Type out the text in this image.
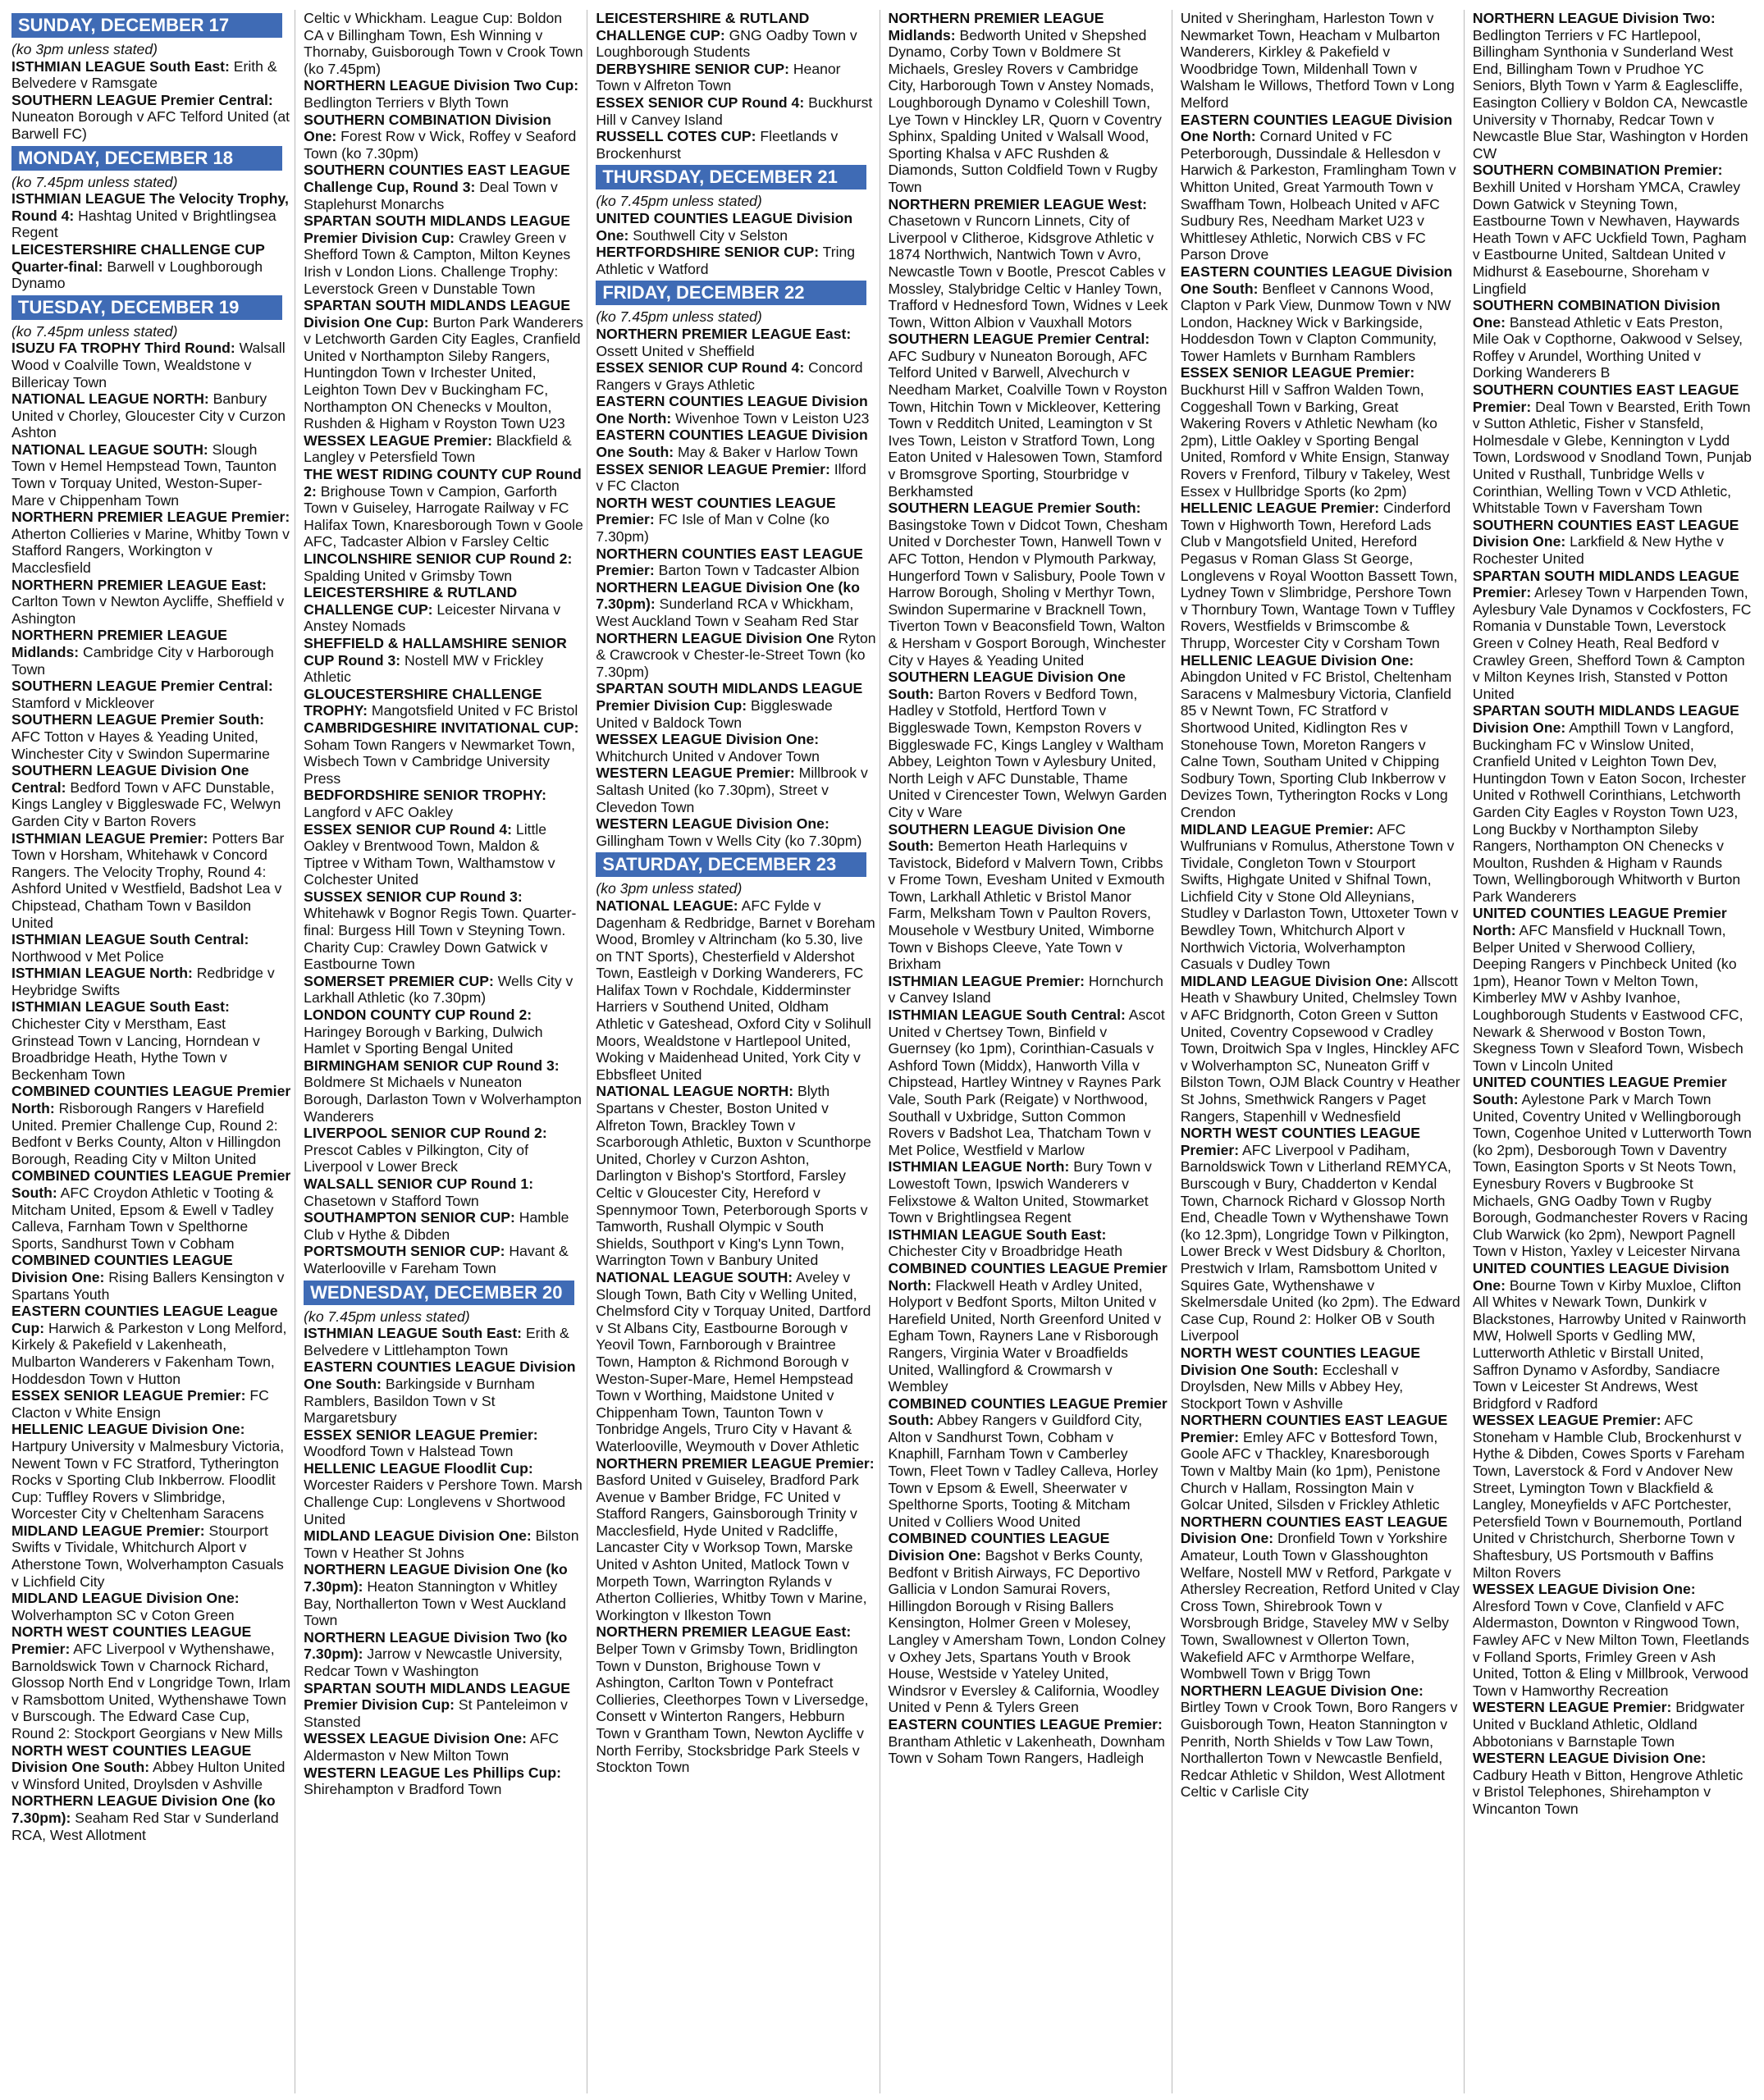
SUNDAY, DECEMBER 17
(ko 3pm unless stated)
ISTHMIAN LEAGUE South East: Erith & Belvedere v Ramsgate
SOUTHERN LEAGUE Premier Central: Nuneaton Borough v AFC Telford United (at Barwell FC)
MONDAY, DECEMBER 18
(ko 7.45pm unless stated)
ISTHMIAN LEAGUE The Velocity Trophy, Round 4: Hashtag United v Brightlingsea Regent
LEICESTERSHIRE CHALLENGE CUP Quarter-final: Barwell v Loughborough Dynamo
TUESDAY, DECEMBER 19
(ko 7.45pm unless stated)
ISUZU FA TROPHY Third Round: Walsall Wood v Coalville Town, Wealdstone v Billericay Town
NATIONAL LEAGUE NORTH: Banbury United v Chorley, Gloucester City v Curzon Ashton
NATIONAL LEAGUE SOUTH: Slough Town v Hemel Hempstead Town, Taunton Town v Torquay United, Weston-Super-Mare v Chippenham Town
NORTHERN PREMIER LEAGUE Premier: Atherton Collieries v Marine, Whitby Town v Stafford Rangers, Workington v Macclesfield
NORTHERN PREMIER LEAGUE East: Carlton Town v Newton Aycliffe, Sheffield v Ashington
NORTHERN PREMIER LEAGUE Midlands: Cambridge City v Harborough Town
SOUTHERN LEAGUE Premier Central: Stamford v Mickleover
SOUTHERN LEAGUE Premier South: AFC Totton v Hayes & Yeading United, Winchester City v Swindon Supermarine
SOUTHERN LEAGUE Division One Central: Bedford Town v AFC Dunstable, Kings Langley v Biggleswade FC, Welwyn Garden City v Barton Rovers
ISTHMIAN LEAGUE Premier: Potters Bar Town v Horsham, Whitehawk v Concord Rangers. The Velocity Trophy, Round 4: Ashford United v Westfield, Badshot Lea v Chipstead, Chatham Town v Basildon United
ISTHMIAN LEAGUE South Central: Northwood v Met Police
ISTHMIAN LEAGUE North: Redbridge v Heybridge Swifts
ISTHMIAN LEAGUE South East: Chichester City v Merstham, East Grinstead Town v Lancing, Horndean v Broadbridge Heath, Hythe Town v Beckenham Town
COMBINED COUNTIES LEAGUE Premier North: Risborough Rangers v Harefield United. Premier Challenge Cup, Round 2: Bedfont v Berks County, Alton v Hillingdon Borough, Reading City v Milton United
COMBINED COUNTIES LEAGUE Premier South: AFC Croydon Athletic v Tooting & Mitcham United, Epsom & Ewell v Tadley Calleva, Farnham Town v Spelthorne Sports, Sandhurst Town v Cobham
COMBINED COUNTIES LEAGUE Division One: Rising Ballers Kensington v Spartans Youth
EASTERN COUNTIES LEAGUE League Cup: Harwich & Parkeston v Long Melford, Kirkely & Pakefield v Lakenheath, Mulbarton Wanderers v Fakenham Town, Hoddesdon Town v Hutton
ESSEX SENIOR LEAGUE Premier: FC Clacton v White Ensign
HELLENIC LEAGUE Division One: Hartpury University v Malmesbury Victoria, Newent Town v FC Stratford, Tytherington Rocks v Sporting Club Inkberrow. Floodlit Cup: Tuffley Rovers v Slimbridge, Worcester City v Cheltenham Saracens
MIDLAND LEAGUE Premier: Stourport Swifts v Tividale, Whitchurch Alport v Atherstone Town, Wolverhampton Casuals v Lichfield City
MIDLAND LEAGUE Division One: Wolverhampton SC v Coton Green
NORTH WEST COUNTIES LEAGUE Premier: AFC Liverpool v Wythenshawe, Barnoldswick Town v Charnock Richard, Glossop North End v Longridge Town, Irlam v Ramsbottom United, Wythenshawe Town v Burscough. The Edward Case Cup, Round 2: Stockport Georgians v New Mills
NORTH WEST COUNTIES LEAGUE Division One South: Abbey Hulton United v Winsford United, Droylsden v Ashville
NORTHERN LEAGUE Division One (ko 7.30pm): Seaham Red Star v Sunderland RCA, West Allotment
Celtic v Whickham. League Cup: Boldon CA v Billingham Town, Esh Winning v Thornaby, Guisborough Town v Crook Town (ko 7.45pm)
NORTHERN LEAGUE Division Two Cup: Bedlington Terriers v Blyth Town
SOUTHERN COMBINATION Division One: Forest Row v Wick, Roffey v Seaford Town (ko 7.30pm)
SOUTHERN COUNTIES EAST LEAGUE Challenge Cup, Round 3: Deal Town v Staplehurst Monarchs
SPARTAN SOUTH MIDLANDS LEAGUE Premier Division Cup: Crawley Green v Shefford Town & Campton, Milton Keynes Irish v London Lions. Challenge Trophy: Leverstock Green v Dunstable Town
SPARTAN SOUTH MIDLANDS LEAGUE Division One Cup: Burton Park Wanderers v Letchworth Garden City Eagles, Cranfield United v Northampton Sileby Rangers, Huntingdon Town v Irchester United, Leighton Town Dev v Buckingham FC, Northampton ON Chenecks v Moulton, Rushden & Higham v Royston Town U23
WESSEX LEAGUE Premier: Blackfield & Langley v Petersfield Town
THE WEST RIDING COUNTY CUP Round 2: Brighouse Town v Campion, Garforth Town v Guiseley, Harrogate Railway v FC Halifax Town, Knaresborough Town v Goole AFC, Tadcaster Albion v Farsley Celtic
LINCOLNSHIRE SENIOR CUP Round 2: Spalding United v Grimsby Town
LEICESTERSHIRE & RUTLAND CHALLENGE CUP: Leicester Nirvana v Anstey Nomads
SHEFFIELD & HALLAMSHIRE SENIOR CUP Round 3: Nostell MW v Frickley Athletic
GLOUCESTERSHIRE CHALLENGE TROPHY: Mangotsfield United v FC Bristol
CAMBRIDGESHIRE INVITATIONAL CUP: Soham Town Rangers v Newmarket Town, Wisbech Town v Cambridge University Press
BEDFORDSHIRE SENIOR TROPHY: Langford v AFC Oakley
ESSEX SENIOR CUP Round 4: Little Oakley v Brentwood Town, Maldon & Tiptree v Witham Town, Walthamstow v Colchester United
SUSSEX SENIOR CUP Round 3: Whitehawk v Bognor Regis Town. Quarter-final: Burgess Hill Town v Steyning Town. Charity Cup: Crawley Down Gatwick v Eastbourne Town
SOMERSET PREMIER CUP: Wells City v Larkhall Athletic (ko 7.30pm)
LONDON COUNTY CUP Round 2: Haringey Borough v Barking, Dulwich Hamlet v Sporting Bengal United
BIRMINGHAM SENIOR CUP Round 3: Boldmere St Michaels v Nuneaton Borough, Darlaston Town v Wolverhampton Wanderers
LIVERPOOL SENIOR CUP Round 2: Prescot Cables v Pilkington, City of Liverpool v Lower Breck
WALSALL SENIOR CUP Round 1: Chasetown v Stafford Town
SOUTHAMPTON SENIOR CUP: Hamble Club v Hythe & Dibden
PORTSMOUTH SENIOR CUP: Havant & Waterlooville v Fareham Town
WEDNESDAY, DECEMBER 20
(ko 7.45pm unless stated)
ISTHMIAN LEAGUE South East: Erith & Belvedere v Littlehampton Town
EASTERN COUNTIES LEAGUE Division One South: Barkingside v Burnham Ramblers, Basildon Town v St Margaretsbury
ESSEX SENIOR LEAGUE Premier: Woodford Town v Halstead Town
HELLENIC LEAGUE Floodlit Cup: Worcester Raiders v Pershore Town. Marsh Challenge Cup: Longlevens v Shortwood United
MIDLAND LEAGUE Division One: Bilston Town v Heather St Johns
NORTHERN LEAGUE Division One (ko 7.30pm): Heaton Stannington v Whitley Bay, Northallerton Town v West Auckland Town
NORTHERN LEAGUE Division Two (ko 7.30pm): Jarrow v Newcastle University, Redcar Town v Washington
SPARTAN SOUTH MIDLANDS LEAGUE Premier Division Cup: St Panteleimon v Stansted
WESSEX LEAGUE Division One: AFC Aldermaston v New Milton Town
WESTERN LEAGUE Les Phillips Cup: Shirehampton v Bradford Town
LEICESTERSHIRE & RUTLAND CHALLENGE CUP: GNG Oadby Town v Loughborough Students
DERBYSHIRE SENIOR CUP: Heanor Town v Alfreton Town
ESSEX SENIOR CUP Round 4: Buckhurst Hill v Canvey Island
RUSSELL COTES CUP: Fleetlands v Brockenhurst
THURSDAY, DECEMBER 21
(ko 7.45pm unless stated)
UNITED COUNTIES LEAGUE Division One: Southwell City v Selston
HERTFORDSHIRE SENIOR CUP: Tring Athletic v Watford
FRIDAY, DECEMBER 22
(ko 7.45pm unless stated)
NORTHERN PREMIER LEAGUE East: Ossett United v Sheffield
ESSEX SENIOR CUP Round 4: Concord Rangers v Grays Athletic
EASTERN COUNTIES LEAGUE Division One North: Wivenhoe Town v Leiston U23
EASTERN COUNTIES LEAGUE Division One South: May & Baker v Harlow Town
ESSEX SENIOR LEAGUE Premier: Ilford v FC Clacton
NORTH WEST COUNTIES LEAGUE Premier: FC Isle of Man v Colne (ko 7.30pm)
NORTHERN COUNTIES EAST LEAGUE Premier: Barton Town v Tadcaster Albion
NORTHERN LEAGUE Division One (ko 7.30pm): Sunderland RCA v Whickham, West Auckland Town v Seaham Red Star
NORTHERN LEAGUE Division One Ryton & Crawcrook v Chester-le-Street Town (ko 7.30pm)
SPARTAN SOUTH MIDLANDS LEAGUE Premier Division Cup: Biggleswade United v Baldock Town
WESSEX LEAGUE Division One: Whitchurch United v Andover Town
WESTERN LEAGUE Premier: Millbrook v Saltash United (ko 7.30pm), Street v Clevedon Town
WESTERN LEAGUE Division One: Gillingham Town v Wells City (ko 7.30pm)
SATURDAY, DECEMBER 23
(ko 3pm unless stated)
NATIONAL LEAGUE: AFC Fylde v Dagenham & Redbridge, Barnet v Boreham Wood, Bromley v Altrincham (ko 5.30, live on TNT Sports), Chesterfield v Aldershot Town, Eastleigh v Dorking Wanderers, FC Halifax Town v Rochdale, Kidderminster Harriers v Southend United, Oldham Athletic v Gateshead, Oxford City v Solihull Moors, Wealdstone v Hartlepool United, Woking v Maidenhead United, York City v Ebbsfleet United
NATIONAL LEAGUE NORTH: Blyth Spartans v Chester, Boston United v Alfreton Town, Brackley Town v Scarborough Athletic, Buxton v Scunthorpe United, Chorley v Curzon Ashton, Darlington v Bishop's Stortford, Farsley Celtic v Gloucester City, Hereford v Spennymoor Town, Peterborough Sports v Tamworth, Rushall Olympic v South Shields, Southport v King's Lynn Town, Warrington Town v Banbury United
NATIONAL LEAGUE SOUTH: Aveley v Slough Town, Bath City v Welling United, Chelmsford City v Torquay United, Dartford v St Albans City, Eastbourne Borough v Yeovil Town, Farnborough v Braintree Town, Hampton & Richmond Borough v Weston-Super-Mare, Hemel Hempstead Town v Worthing, Maidstone United v Chippenham Town, Taunton Town v Tonbridge Angels, Truro City v Havant & Waterlooville, Weymouth v Dover Athletic
NORTHERN PREMIER LEAGUE Premier: Basford United v Guiseley, Bradford Park Avenue v Bamber Bridge, FC United v Stafford Rangers, Gainsborough Trinity v Macclesfield, Hyde United v Radcliffe, Lancaster City v Worksop Town, Marske United v Ashton United, Matlock Town v Morpeth Town, Warrington Rylands v Atherton Collieries, Whitby Town v Marine, Workington v Ilkeston Town
NORTHERN PREMIER LEAGUE East: Belper Town v Grimsby Town, Bridlington Town v Dunston, Brighouse Town v Ashington, Carlton Town v Pontefract Collieries, Cleethorpes Town v Liversedge, Consett v Winterton Rangers, Hebburn Town v Grantham Town, Newton Aycliffe v North Ferriby, Stocksbridge Park Steels v Stockton Town
NORTHERN PREMIER LEAGUE Midlands: Bedworth United v Shepshed Dynamo, Corby Town v Boldmere St Michaels, Gresley Rovers v Cambridge City, Harborough Town v Anstey Nomads, Loughborough Dynamo v Coleshill Town, Lye Town v Hinckley LR, Quorn v Coventry Sphinx, Spalding United v Walsall Wood, Sporting Khalsa v AFC Rushden & Diamonds, Sutton Coldfield Town v Rugby Town
NORTHERN PREMIER LEAGUE West: Chasetown v Runcorn Linnets, City of Liverpool v Clitheroe, Kidsgrove Athletic v 1874 Northwich, Nantwich Town v Avro, Newcastle Town v Bootle, Prescot Cables v Mossley, Stalybridge Celtic v Hanley Town, Trafford v Hednesford Town, Widnes v Leek Town, Witton Albion v Vauxhall Motors
SOUTHERN LEAGUE Premier Central: AFC Sudbury v Nuneaton Borough, AFC Telford United v Barwell, Alvechurch v Needham Market, Coalville Town v Royston Town, Hitchin Town v Mickleover, Kettering Town v Redditch United, Leamington v St Ives Town, Leiston v Stratford Town, Long Eaton United v Halesowen Town, Stamford v Bromsgrove Sporting, Stourbridge v Berkhamsted
SOUTHERN LEAGUE Premier South: Basingstoke Town v Didcot Town, Chesham United v Dorchester Town, Hanwell Town v AFC Totton, Hendon v Plymouth Parkway, Hungerford Town v Salisbury, Poole Town v Harrow Borough, Sholing v Merthyr Town, Swindon Supermarine v Bracknell Town, Tiverton Town v Beaconsfield Town, Walton & Hersham v Gosport Borough, Winchester City v Hayes & Yeading United
SOUTHERN LEAGUE Division One South: Barton Rovers v Bedford Town, Hadley v Stotfold, Hertford Town v Biggleswade Town, Kempston Rovers v Biggleswade FC, Kings Langley v Waltham Abbey, Leighton Town v Aylesbury United, North Leigh v AFC Dunstable, Thame United v Cirencester Town, Welwyn Garden City v Ware
SOUTHERN LEAGUE Division One South: Bemerton Heath Harlequins v Tavistock, Bideford v Malvern Town, Cribbs v Frome Town, Evesham United v Exmouth Town, Larkhall Athletic v Bristol Manor Farm, Melksham Town v Paulton Rovers, Mousehole v Westbury United, Wimborne Town v Bishops Cleeve, Yate Town v Brixham
ISTHMIAN LEAGUE Premier: Hornchurch v Canvey Island
ISTHMIAN LEAGUE South Central: Ascot United v Chertsey Town, Binfield v Guernsey (ko 1pm), Corinthian-Casuals v Ashford Town (Middx), Hanworth Villa v Chipstead, Hartley Wintney v Raynes Park Vale, South Park (Reigate) v Northwood, Southall v Uxbridge, Sutton Common Rovers v Badshot Lea, Thatcham Town v Met Police, Westfield v Marlow
ISTHMIAN LEAGUE North: Bury Town v Lowestoft Town, Ipswich Wanderers v Felixstowe & Walton United, Stowmarket Town v Brightlingsea Regent
ISTHMIAN LEAGUE South East: Chichester City v Broadbridge Heath
COMBINED COUNTIES LEAGUE Premier North: Flackwell Heath v Ardley United, Holyport v Bedfont Sports, Milton United v Harefield United, North Greenford United v Egham Town, Rayners Lane v Risborough Rangers, Virginia Water v Broadfields United, Wallingford & Crowmarsh v Wembley
COMBINED COUNTIES LEAGUE Premier South: Abbey Rangers v Guildford City, Alton v Sandhurst Town, Cobham v Knaphill, Farnham Town v Camberley Town, Fleet Town v Tadley Calleva, Horley Town v Epsom & Ewell, Sheerwater v Spelthorne Sports, Tooting & Mitcham United v Colliers Wood United
COMBINED COUNTIES LEAGUE Division One: Bagshot v Berks County, Bedfont v British Airways, FC Deportivo Gallicia v London Samurai Rovers, Hillingdon Borough v Rising Ballers Kensington, Holmer Green v Molesey, Langley v Amersham Town, London Colney v Oxhey Jets, Spartans Youth v Brook House, Westside v Yateley United, Windsror v Eversley & California, Woodley United v Penn & Tylers Green
EASTERN COUNTIES LEAGUE Premier: Brantham Athletic v Lakenheath, Downham Town v Soham Town Rangers, Hadleigh
United v Sheringham, Harleston Town v Newmarket Town, Heacham v Mulbarton Wanderers, Kirkley & Pakefield v Woodbridge Town, Mildenhall Town v Walsham le Willows, Thetford Town v Long Melford
EASTERN COUNTIES LEAGUE Division One North: Cornard United v FC Peterborough, Dussindale & Hellesdon v Harwich & Parkeston, Framlingham Town v Whitton United, Great Yarmouth Town v Swaffham Town, Holbeach United v AFC Sudbury Res, Needham Market U23 v Whittlesey Athletic, Norwich CBS v FC Parson Drove
EASTERN COUNTIES LEAGUE Division One South: Benfleet v Cannons Wood, Clapton v Park View, Dunmow Town v NW London, Hackney Wick v Barkingside, Hoddesdon Town v Clapton Community, Tower Hamlets v Burnham Ramblers
ESSEX SENIOR LEAGUE Premier: Buckhurst Hill v Saffron Walden Town, Coggeshall Town v Barking, Great Wakering Rovers v Athletic Newham (ko 2pm), Little Oakley v Sporting Bengal United, Romford v White Ensign, Stanway Rovers v Frenford, Tilbury v Takeley, West Essex v Hullbridge Sports (ko 2pm)
HELLENIC LEAGUE Premier: Cinderford Town v Highworth Town, Hereford Lads Club v Mangotsfield United, Hereford Pegasus v Roman Glass St George, Longlevens v Royal Wootton Bassett Town, Lydney Town v Slimbridge, Pershore Town v Thornbury Town, Wantage Town v Tuffley Rovers, Westfields v Brimscombe & Thrupp, Worcester City v Corsham Town
HELLENIC LEAGUE Division One: Abingdon United v FC Bristol, Cheltenham Saracens v Malmesbury Victoria, Clanfield 85 v Newnt Town, FC Stratford v Shortwood United, Kidlington Res v Stonehouse Town, Moreton Rangers v Calne Town, Southam United v Chipping Sodbury Town, Sporting Club Inkberrow v Devizes Town, Tytherington Rocks v Long Crendon
MIDLAND LEAGUE Premier: AFC Wulfrunians v Romulus, Atherstone Town v Tividale, Congleton Town v Stourport Swifts, Highgate United v Shifnal Town, Lichfield City v Stone Old Alleynians, Studley v Darlaston Town, Uttoxeter Town v Bewdley Town, Whitchurch Alport v Northwich Victoria, Wolverhampton Casuals v Dudley Town
MIDLAND LEAGUE Division One: Allscott Heath v Shawbury United, Chelmsley Town v AFC Bridgnorth, Coton Green v Sutton United, Coventry Copsewood v Cradley Town, Droitwich Spa v Ingles, Hinckley AFC v Wolverhampton SC, Nuneaton Griff v Bilston Town, OJM Black Country v Heather St Johns, Smethwick Rangers v Paget Rangers, Stapenhill v Wednesfield
NORTH WEST COUNTIES LEAGUE Premier: AFC Liverpool v Padiham, Barnoldswick Town v Litherland REMYCA, Burscough v Bury, Chadderton v Kendal Town, Charnock Richard v Glossop North End, Cheadle Town v Wythenshawe Town (ko 12.3pm), Longridge Town v Pilkington, Lower Breck v West Didsbury & Chorlton, Prestwich v Irlam, Ramsbottom United v Squires Gate, Wythenshawe v Skelmersdale United (ko 2pm). The Edward Case Cup, Round 2: Holker OB v South Liverpool
NORTH WEST COUNTIES LEAGUE Division One South: Eccleshall v Droylsden, New Mills v Abbey Hey, Stockport Town v Ashville
NORTHERN COUNTIES EAST LEAGUE Premier: Emley AFC v Bottesford Town, Goole AFC v Thackley, Knaresborough Town v Maltby Main (ko 1pm), Penistone Church v Hallam, Rossington Main v Golcar United, Silsden v Frickley Athletic
NORTHERN COUNTIES EAST LEAGUE Division One: Dronfield Town v Yorkshire Amateur, Louth Town v Glasshoughton Welfare, Nostell MW v Retford, Parkgate v Athersley Recreation, Retford United v Clay Cross Town, Shirebrook Town v Worsbrough Bridge, Staveley MW v Selby Town, Swallownest v Ollerton Town, Wakefield AFC v Armthorpe Welfare, Wombwell Town v Brigg Town
NORTHERN LEAGUE Division One: Birtley Town v Crook Town, Boro Rangers v Guisborough Town, Heaton Stannington v Penrith, North Shields v Tow Law Town, Northallerton Town v Newcastle Benfield, Redcar Athletic v Shildon, West Allotment Celtic v Carlisle City
NORTHERN LEAGUE Division Two: Bedlington Terriers v FC Hartlepool, Billingham Synthonia v Sunderland West End, Billingham Town v Prudhoe YC Seniors, Blyth Town v Yarm & Eaglescliffe, Easington Colliery v Boldon CA, Newcastle University v Thornaby, Redcar Town v Newcastle Blue Star, Washington v Horden CW
SOUTHERN COMBINATION Premier: Bexhill United v Horsham YMCA, Crawley Down Gatwick v Steyning Town, Eastbourne Town v Newhaven, Haywards Heath Town v AFC Uckfield Town, Pagham v Eastbourne United, Saltdean United v Midhurst & Easebourne, Shoreham v Lingfield
SOUTHERN COMBINATION Division One: Banstead Athletic v Eats Preston, Mile Oak v Copthorne, Oakwood v Selsey, Roffey v Arundel, Worthing United v Dorking Wanderers B
SOUTHERN COUNTIES EAST LEAGUE Premier: Deal Town v Bearsted, Erith Town v Sutton Athletic, Fisher v Stansfeld, Holmesdale v Glebe, Kennington v Lydd Town, Lordswood v Snodland Town, Punjab United v Rusthall, Tunbridge Wells v Corinthian, Welling Town v VCD Athletic, Whitstable Town v Faversham Town
SOUTHERN COUNTIES EAST LEAGUE Division One: Larkfield & New Hythe v Rochester United
SPARTAN SOUTH MIDLANDS LEAGUE Premier: Arlesey Town v Harpenden Town, Aylesbury Vale Dynamos v Cockfosters, FC Romania v Dunstable Town, Leverstock Green v Colney Heath, Real Bedford v Crawley Green, Shefford Town & Campton v Milton Keynes Irish, Stansted v Potton United
SPARTAN SOUTH MIDLANDS LEAGUE Division One: Ampthill Town v Langford, Buckingham FC v Winslow United, Cranfield United v Leighton Town Dev, Huntingdon Town v Eaton Socon, Irchester United v Rothwell Corinthians, Letchworth Garden City Eagles v Royston Town U23, Long Buckby v Northampton Sileby Rangers, Northampton ON Chenecks v Moulton, Rushden & Higham v Raunds Town, Wellingborough Whitworth v Burton Park Wanderers
UNITED COUNTIES LEAGUE Premier North: AFC Mansfield v Hucknall Town, Belper United v Sherwood Colliery, Deeping Rangers v Pinchbeck United (ko 1pm), Heanor Town v Melton Town, Kimberley MW v Ashby Ivanhoe, Loughborough Students v Eastwood CFC, Newark & Sherwood v Boston Town, Skegness Town v Sleaford Town, Wisbech Town v Lincoln United
UNITED COUNTIES LEAGUE Premier South: Aylestone Park v March Town United, Coventry United v Wellingborough Town, Cogenhoe United v Lutterworth Town (ko 2pm), Desborough Town v Daventry Town, Easington Sports v St Neots Town, Eynesbury Rovers v Bugbrooke St Michaels, GNG Oadby Town v Rugby Borough, Godmanchester Rovers v Racing Club Warwick (ko 2pm), Newport Pagnell Town v Histon, Yaxley v Leicester Nirvana
UNITED COUNTIES LEAGUE Division One: Bourne Town v Kirby Muxloe, Clifton All Whites v Newark Town, Dunkirk v Blackstones, Harrowby United v Rainworth MW, Holwell Sports v Gedling MW, Lutterworth Athletic v Birstall United, Saffron Dynamo v Asfordby, Sandiacre Town v Leicester St Andrews, West Bridgford v Radford
WESSEX LEAGUE Premier: AFC Stoneham v Hamble Club, Brockenhurst v Hythe & Dibden, Cowes Sports v Fareham Town, Laverstock & Ford v Andover New Street, Lymington Town v Blackfield & Langley, Moneyfields v AFC Portchester, Petersfield Town v Bournemouth, Portland United v Christchurch, Sherborne Town v Shaftesbury, US Portsmouth v Baffins Milton Rovers
WESSEX LEAGUE Division One: Alresford Town v Cove, Clanfield v AFC Aldermaston, Downton v Ringwood Town, Fawley AFC v New Milton Town, Fleetlands v Folland Sports, Frimley Green v Ash United, Totton & Eling v Millbrook, Verwood Town v Hamworthy Recreation
WESTERN LEAGUE Premier: Bridgwater United v Buckland Athletic, Oldland Abbotonians v Barnstaple Town
WESTERN LEAGUE Division One: Cadbury Heath v Bitton, Hengrove Athletic v Bristol Telephones, Shirehampton v Wincanton Town
